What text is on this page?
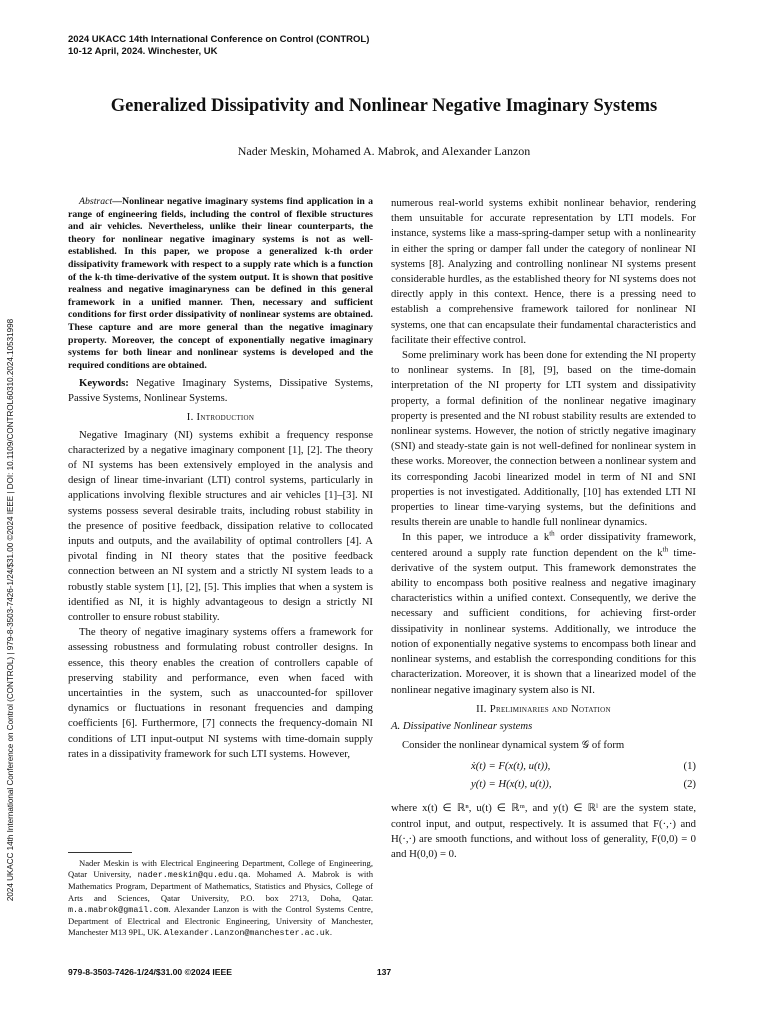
2024 UKACC 14th International Conference on Control (CONTROL)
10-12 April, 2024. Winchester, UK
Generalized Dissipativity and Nonlinear Negative Imaginary Systems
Nader Meskin, Mohamed A. Mabrok, and Alexander Lanzon
2024 UKACC 14th International Conference on Control (CONTROL) | 979-8-3503-7426-1/24/$31.00 ©2024 IEEE | DOI: 10.1109/CONTROL60310.2024.10531998

Abstract—Nonlinear negative imaginary systems find application in a range of engineering fields, including the control of flexible structures and air vehicles. Nevertheless, unlike their linear counterparts, the theory for nonlinear negative imaginary systems is not as well-established. In this paper, we propose a generalized k-th order dissipativity framework with respect to a supply rate which is a function of the k-th time-derivative of the system output. It is shown that positive realness and negative imaginaryness can be defined in this general framework in a unified manner. Then, necessary and sufficient conditions for first order dissipativity of nonlinear systems are obtained. These capture and are more general than the negative imaginary property. Moreover, the concept of exponentially negative imaginary systems for both linear and nonlinear systems is developed and the required conditions are obtained.

Keywords: Negative Imaginary Systems, Dissipative Systems, Passive Systems, Nonlinear Systems.

I. Introduction

Negative Imaginary (NI) systems exhibit a frequency response characterized by a negative imaginary component [1], [2]. The theory of NI systems has been extensively employed in the analysis and design of linear time-invariant (LTI) control systems, particularly in applications involving flexible structures and air vehicles [1]–[3]. NI systems possess several desirable traits, including robust stability in the presence of positive feedback, dissipation relative to collocated inputs and outputs, and the availability of optimal controllers [4]. A pivotal finding in NI theory states that the positive feedback connection between an NI system and a strictly NI system leads to a robustly stable system [1], [2], [5]. This implies that when a system is identified as NI, it is highly advantageous to design a strictly NI controller to ensure robust stability.

The theory of negative imaginary systems offers a framework for assessing robustness and formulating robust controller designs. In essence, this theory enables the creation of controllers capable of preserving stability and performance, even when faced with uncertainties in the system, such as unaccounted-for spillover dynamics or fluctuations in resonant frequencies and damping coefficients [6]. Furthermore, [7] connects the frequency-domain NI conditions of LTI input-output NI systems with time-domain supply rates in a dissipativity framework for such LTI systems. However,

Nader Meskin is with Electrical Engineering Department, College of Engineering, Qatar University, nader.meskin@qu.edu.qa. Mohamed A. Mabrok is with Mathematics Program, Department of Mathematics, Statistics and Physics, College of Arts and Sciences, Qatar University, P.O. box 2713, Doha, Qatar. m.a.mabrok@gmail.com. Alexander Lanzon is with the Control Systems Centre, Department of Electrical and Electronic Engineering, University of Manchester, Manchester M13 9PL, UK. Alexander.Lanzon@manchester.ac.uk.

numerous real-world systems exhibit nonlinear behavior, rendering them unsuitable for accurate representation by LTI models. For instance, systems like a mass-spring-damper setup with a nonlinearity in either the spring or damper fall under the category of nonlinear NI systems [8]. Analyzing and controlling nonlinear NI systems present considerable hurdles, as the established theory for NI systems does not directly apply in this context. Hence, there is a pressing need to establish a comprehensive framework tailored for nonlinear NI systems, one that can encapsulate their fundamental characteristics and facilitate their effective control.

Some preliminary work has been done for extending the NI property to nonlinear systems. In [8], [9], based on the time-domain interpretation of the NI property for LTI system and dissipativity property, a formal definition of the nonlinear negative imaginary property is presented and the NI robust stability results are extended to nonlinear systems. However, the notion of strictly negative imaginary (SNI) and steady-state gain is not well-defined for nonlinear system in these works. Moreover, the connection between a nonlinear system and its corresponding Jacobi linearized model in term of NI and SNI properties is not investigated. Additionally, [10] has extended LTI NI properties to linear time-varying systems, but the definitions and results therein are unable to handle full nonlinear dynamics.

In this paper, we introduce a $k^{th}$ order dissipativity framework, centered around a supply rate function dependent on the $k^{th}$ time-derivative of the system output. This framework demonstrates the ability to encompass both positive realness and negative imaginary characteristics within a unified context. Consequently, we derive the necessary and sufficient conditions, for achieving first-order dissipativity in nonlinear systems. Additionally, we introduce the notion of exponentially negative systems to encompass both linear and nonlinear systems, and establish the corresponding conditions for this characterization. Moreover, it is shown that a linearized model of the nonlinear negative imaginary system also is NI.

II. Preliminaries and Notation
A. Dissipative Nonlinear systems

Consider the nonlinear dynamical system 𝒢 of form

ẋ(t) = F(x(t), u(t)),	(1)
y(t) = H(x(t), u(t)),	(2)

where x(t) ∈ ℝⁿ, u(t) ∈ ℝᵐ, and y(t) ∈ ℝˡ are the system state, control input, and output, respectively. It is assumed that F(·,·) and H(·,·) are smooth functions, and without loss of generality, F(0,0) = 0 and H(0,0) = 0.

979-8-3503-7426-1/24/$31.00 ©2024 IEEE	137
